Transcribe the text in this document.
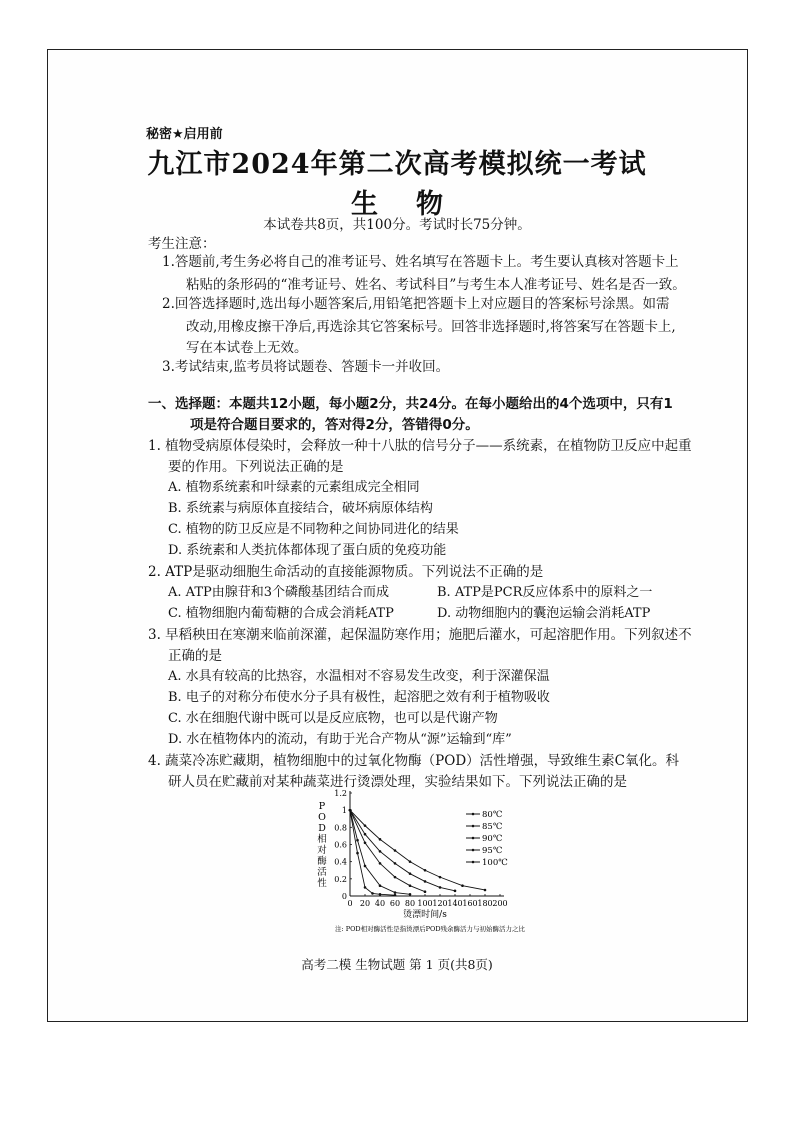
秘密★启用前
九江市2024年第二次高考模拟统一考试
生物
本试卷共8页，共100分。考试时长75分钟。
考生注意：
1.答题前,考生务必将自己的准考证号、姓名填写在答题卡上。考生要认真核对答题卡上
粘贴的条形码的“准考证号、姓名、考试科目”与考生本人准考证号、姓名是否一致。
2.回答选择题时,选出每小题答案后,用铅笔把答题卡上对应题目的答案标号涂黑。如需
改动,用橡皮擦干净后,再选涂其它答案标号。回答非选择题时,将答案写在答题卡上,
写在本试卷上无效。
3.考试结束,监考员将试题卷、答题卡一并收回。
一、选择题：本题共12小题，每小题2分，共24分。在每小题给出的4个选项中，只有1
项是符合题目要求的，答对得2分，答错得0分。
1. 植物受病原体侵染时，会释放一种十八肽的信号分子——系统素，在植物防卫反应中起重
要的作用。下列说法正确的是
A. 植物系统素和叶绿素的元素组成完全相同
B. 系统素与病原体直接结合，破坏病原体结构
C. 植物的防卫反应是不同物种之间协同进化的结果
D. 系统素和人类抗体都体现了蛋白质的免疫功能
2. ATP是驱动细胞生命活动的直接能源物质。下列说法不正确的是
A. ATP由腺苷和3个磷酸基团结合而成	B. ATP是PCR反应体系中的原料之一
C. 植物细胞内葡萄糖的合成会消耗ATP	D. 动物细胞内的囊泡运输会消耗ATP
3. 早稻秧田在寒潮来临前深灌，起保温防寒作用；施肥后灌水，可起溶肥作用。下列叙述不
正确的是
A. 水具有较高的比热容，水温相对不容易发生改变，利于深灌保温
B. 电子的对称分布使水分子具有极性，起溶肥之效有利于植物吸收
C. 水在细胞代谢中既可以是反应底物，也可以是代谢产物
D. 水在植物体内的流动，有助于光合产物从“源”运输到“库”
4. 蔬菜冷冻贮藏期，植物细胞中的过氧化物酶（POD）活性增强，导致维生素C氧化。科
研人员在贮藏前对某种蔬菜进行烫漂处理，实验结果如下。下列说法正确的是
0 20 40 60 80 100 120 140 160 180 200
0
0.2
0.4
0.6
0.8
1
1.2
烫漂时间/s
P
O
D
相
对
酶
活
性
80℃
85℃
90℃
95℃
100℃
注: POD相对酶活性是指烫漂后POD残余酶活力与初始酶活力之比
高考二模 生物试题 第 1 页(共8页)
